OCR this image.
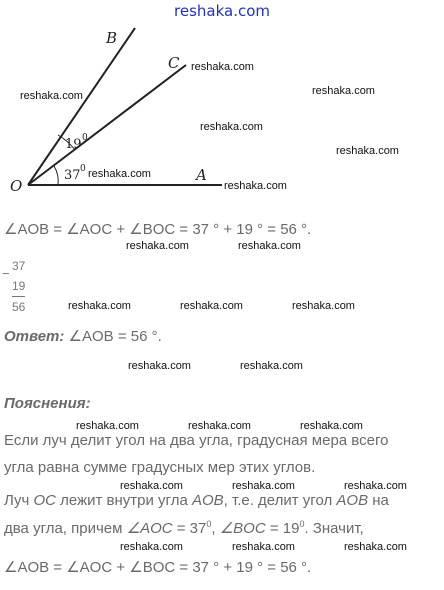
reshaka.com
O
A
B
C
19 0
37 0
reshaka.com
reshaka.com	reshaka.com
reshaka.com
reshaka.com
reshaka.com
reshaka.com
∠AOB = ∠AOC + ∠BOC = 37 ° + 19 ° = 56 °.
reshaka.com	reshaka.com
− 37
19
56	reshaka.com	reshaka.com	reshaka.com
Ответ: ∠AOB = 56 °.
reshaka.com	reshaka.com
Пояснения:
reshaka.com	reshaka.com	reshaka.com
Если луч делит угол на два угла, градусная мера всего
угла равна сумме градусных мер этих углов.
reshaka.com	reshaka.com	reshaka.com
Луч OC лежит внутри угла AOB, т.е. делит угол AOB на
два угла, причем ∠AOC = $37^0$, ∠BOC = $19^0$. Значит,
reshaka.com	reshaka.com	reshaka.com
∠AOB = ∠AOC + ∠BOC = 37 ° + 19 ° = 56 °.
